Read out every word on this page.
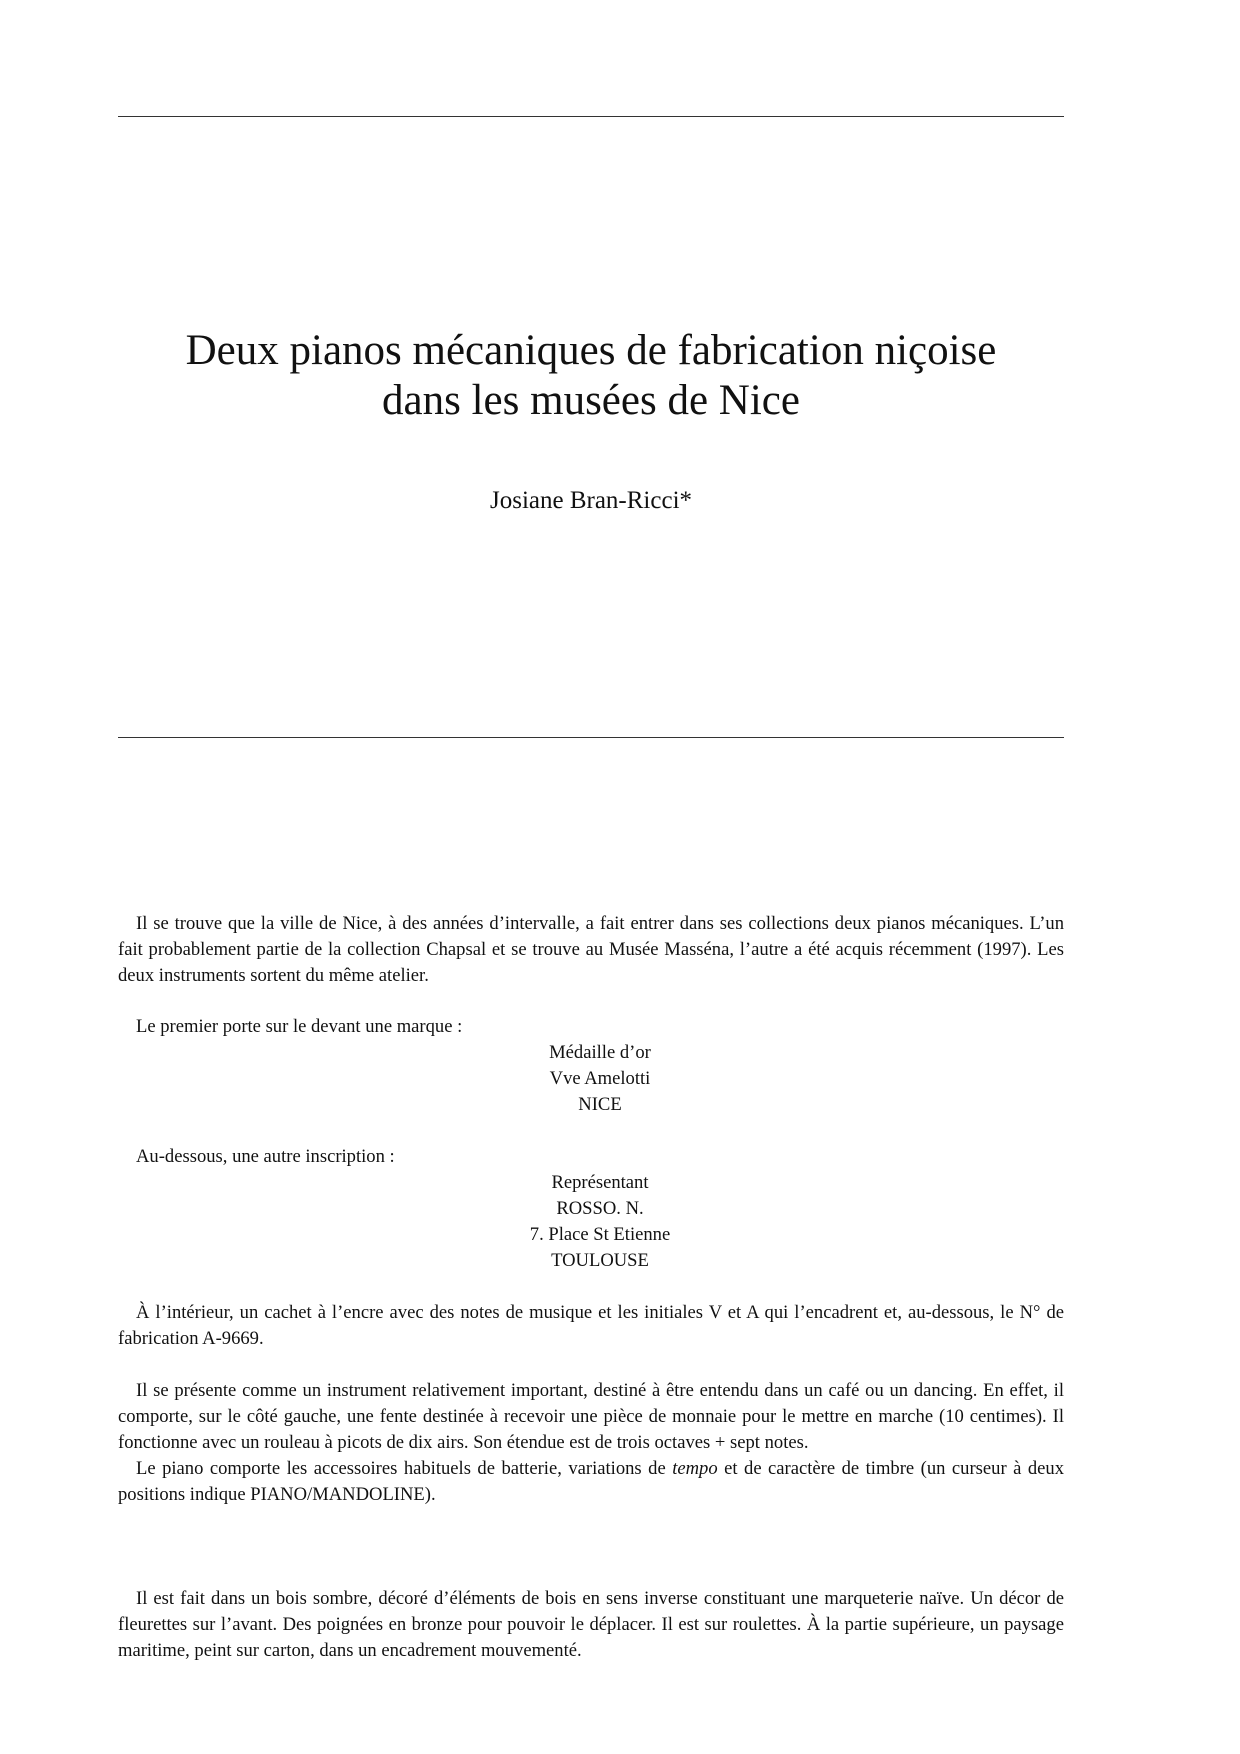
Deux pianos mécaniques de fabrication niçoise
dans les musées de Nice

Josiane Bran-Ricci*

Il se trouve que la ville de Nice, à des années d’intervalle, a fait entrer dans ses collections deux pianos mécaniques. L’un fait probablement partie de la collection Chapsal et se trouve au Musée Masséna, l’autre a été acquis récemment (1997). Les deux instruments sortent du même atelier.

Le premier porte sur le devant une marque :
Médaille d’or
Vve Amelotti
NICE
Au-dessous, une autre inscription :
Représentant
ROSSO. N.
7. Place St Etienne
TOULOUSE

À l’intérieur, un cachet à l’encre avec des notes de musique et les initiales V et A qui l’encadrent et, au-dessous, le N° de fabrication A-9669.

Il se présente comme un instrument relativement important, destiné à être entendu dans un café ou un dancing. En effet, il comporte, sur le côté gauche, une fente destinée à recevoir une pièce de monnaie pour le mettre en marche (10 centimes). Il fonctionne avec un rouleau à picots de dix airs. Son étendue est de trois octaves + sept notes.

Le piano comporte les accessoires habituels de batterie, variations de tempo et de caractère de timbre (un curseur à deux positions indique PIANO/MANDOLINE).

Il est fait dans un bois sombre, décoré d’éléments de bois en sens inverse constituant une marqueterie naïve. Un décor de fleurettes sur l’avant. Des poignées en bronze pour pouvoir le déplacer. Il est sur roulettes. À la partie supérieure, un paysage maritime, peint sur carton, dans un encadrement mouvementé.
